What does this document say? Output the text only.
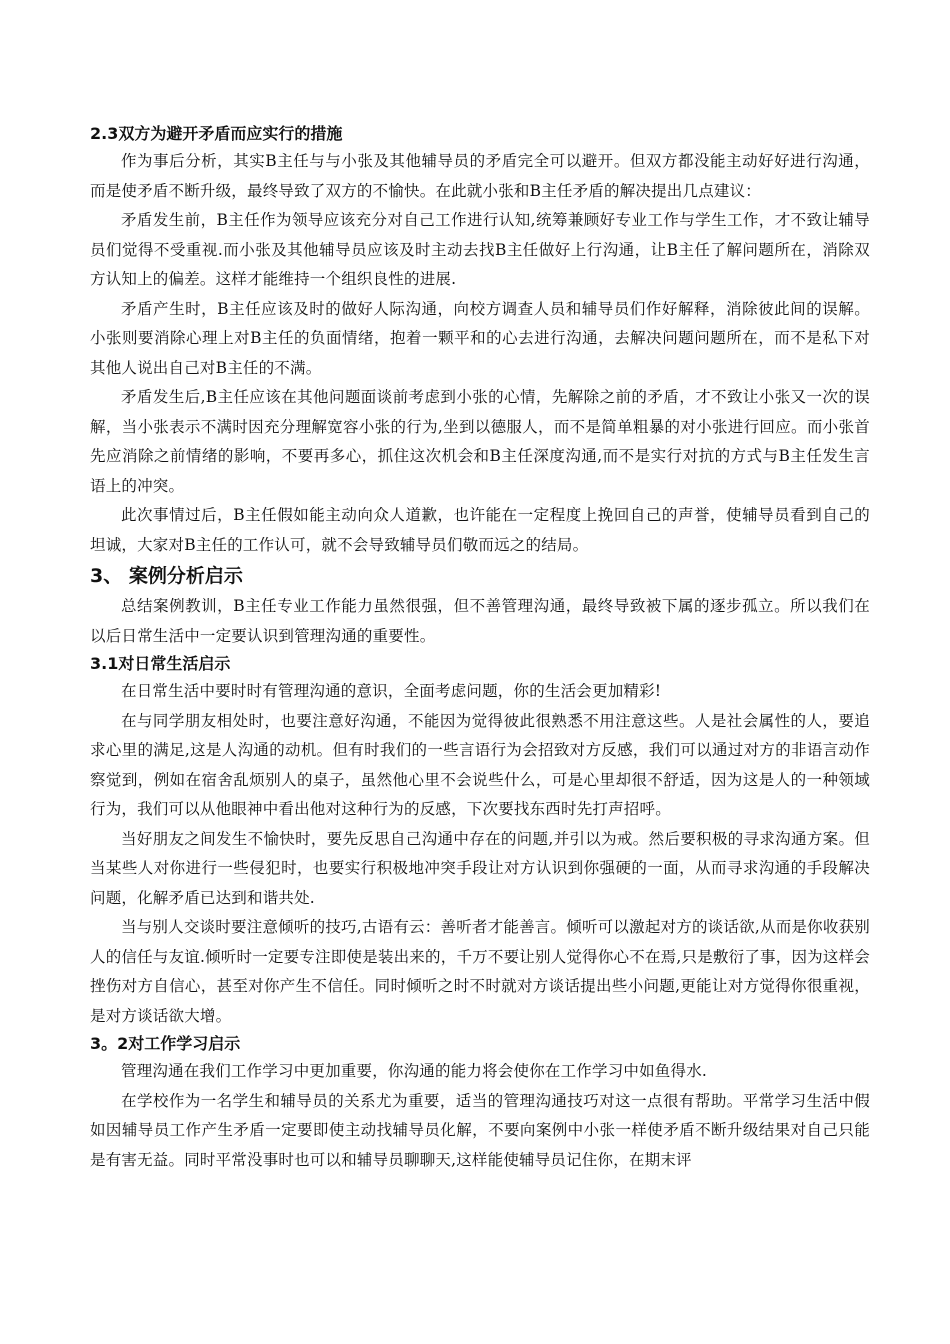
2.3双方为避开矛盾而应实行的措施
作为事后分析，其实B主任与与小张及其他辅导员的矛盾完全可以避开。但双方都没能主动好好进行沟通，而是使矛盾不断升级，最终导致了双方的不愉快。在此就小张和B主任矛盾的解决提出几点建议：
矛盾发生前，B主任作为领导应该充分对自己工作进行认知,统筹兼顾好专业工作与学生工作，才不致让辅导员们觉得不受重视.而小张及其他辅导员应该及时主动去找B主任做好上行沟通，让B主任了解问题所在，消除双方认知上的偏差。这样才能维持一个组织良性的进展.
矛盾产生时，B主任应该及时的做好人际沟通，向校方调查人员和辅导员们作好解释，消除彼此间的误解。小张则要消除心理上对B主任的负面情绪，抱着一颗平和的心去进行沟通，去解决问题问题所在，而不是私下对其他人说出自己对B主任的不满。
矛盾发生后,B主任应该在其他问题面谈前考虑到小张的心情，先解除之前的矛盾，才不致让小张又一次的误解，当小张表示不满时因充分理解宽容小张的行为,坐到以德服人，而不是简单粗暴的对小张进行回应。而小张首先应消除之前情绪的影响，不要再多心，抓住这次机会和B主任深度沟通,而不是实行对抗的方式与B主任发生言语上的冲突。
此次事情过后，B主任假如能主动向众人道歉，也许能在一定程度上挽回自己的声誉，使辅导员看到自己的坦诚，大家对B主任的工作认可，就不会导致辅导员们敬而远之的结局。
3、 案例分析启示
总结案例教训，B主任专业工作能力虽然很强，但不善管理沟通，最终导致被下属的逐步孤立。所以我们在以后日常生活中一定要认识到管理沟通的重要性。
3.1对日常生活启示
在日常生活中要时时有管理沟通的意识，全面考虑问题，你的生活会更加精彩!
在与同学朋友相处时，也要注意好沟通，不能因为觉得彼此很熟悉不用注意这些。人是社会属性的人，要追求心里的满足,这是人沟通的动机。但有时我们的一些言语行为会招致对方反感，我们可以通过对方的非语言动作察觉到，例如在宿舍乱烦别人的桌子，虽然他心里不会说些什么，可是心里却很不舒适，因为这是人的一种领域行为，我们可以从他眼神中看出他对这种行为的反感，下次要找东西时先打声招呼。
当好朋友之间发生不愉快时，要先反思自己沟通中存在的问题,并引以为戒。然后要积极的寻求沟通方案。但当某些人对你进行一些侵犯时，也要实行积极地冲突手段让对方认识到你强硬的一面，从而寻求沟通的手段解决问题，化解矛盾已达到和谐共处.
当与别人交谈时要注意倾听的技巧,古语有云：善听者才能善言。倾听可以激起对方的谈话欲,从而是你收获别人的信任与友谊.倾听时一定要专注即使是装出来的，千万不要让别人觉得你心不在焉,只是敷衍了事，因为这样会挫伤对方自信心，甚至对你产生不信任。同时倾听之时不时就对方谈话提出些小问题,更能让对方觉得你很重视，是对方谈话欲大增。
3。2对工作学习启示
管理沟通在我们工作学习中更加重要，你沟通的能力将会使你在工作学习中如鱼得水.
在学校作为一名学生和辅导员的关系尤为重要，适当的管理沟通技巧对这一点很有帮助。平常学习生活中假如因辅导员工作产生矛盾一定要即使主动找辅导员化解，不要向案例中小张一样使矛盾不断升级结果对自己只能是有害无益。同时平常没事时也可以和辅导员聊聊天,这样能使辅导员记住你，在期末评
